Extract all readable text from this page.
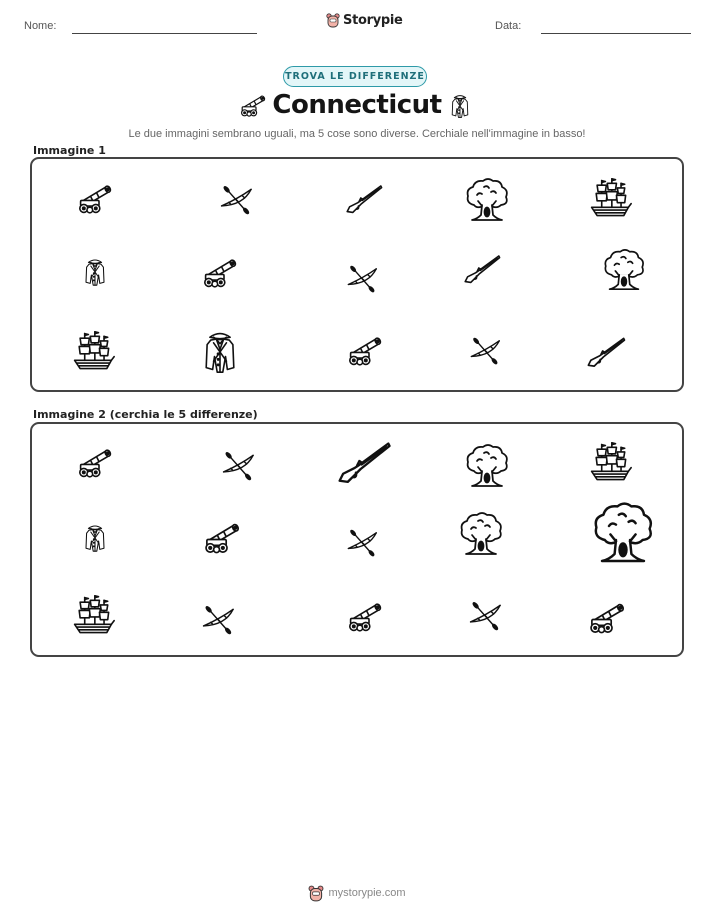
Nome:	Storypie	Data:
TROVA LE DIFFERENZE
Connecticut
Le due immagini sembrano uguali, ma 5 cose sono diverse. Cerchiale nell'immagine in basso!
Immagine 1
Immagine 2 (cerchia le 5 differenze)
mystorypie.com
